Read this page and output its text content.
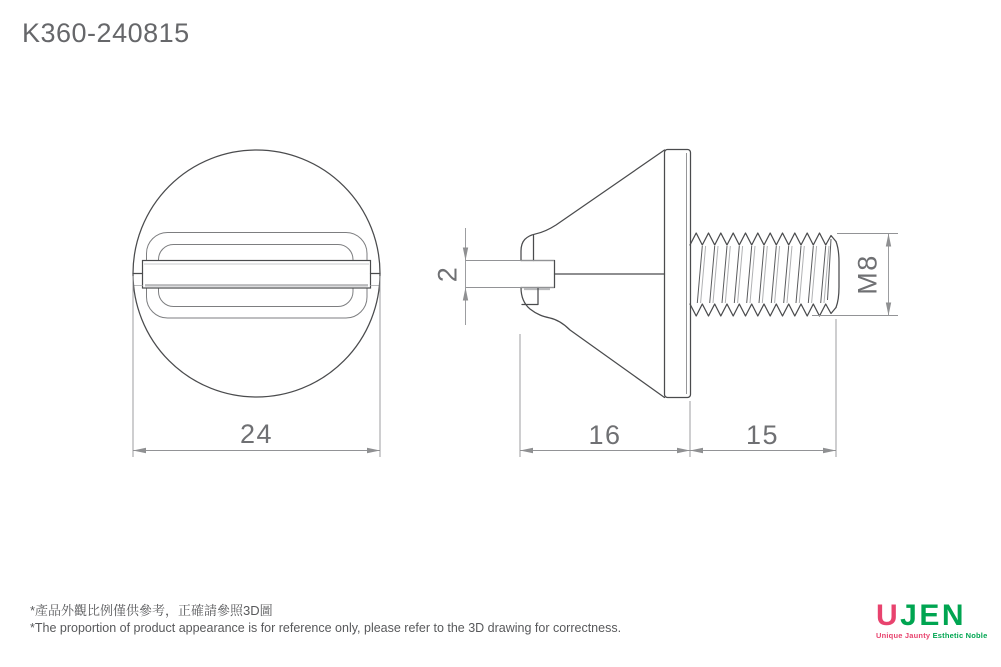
K360-240815
24
2
16	15
M8
*產品外觀比例僅供參考，正確請參照3D圖
*The proportion of product appearance is for reference only, please refer to the 3D drawing for correctness.	UJEN
Unique Jaunty Esthetic Noble
